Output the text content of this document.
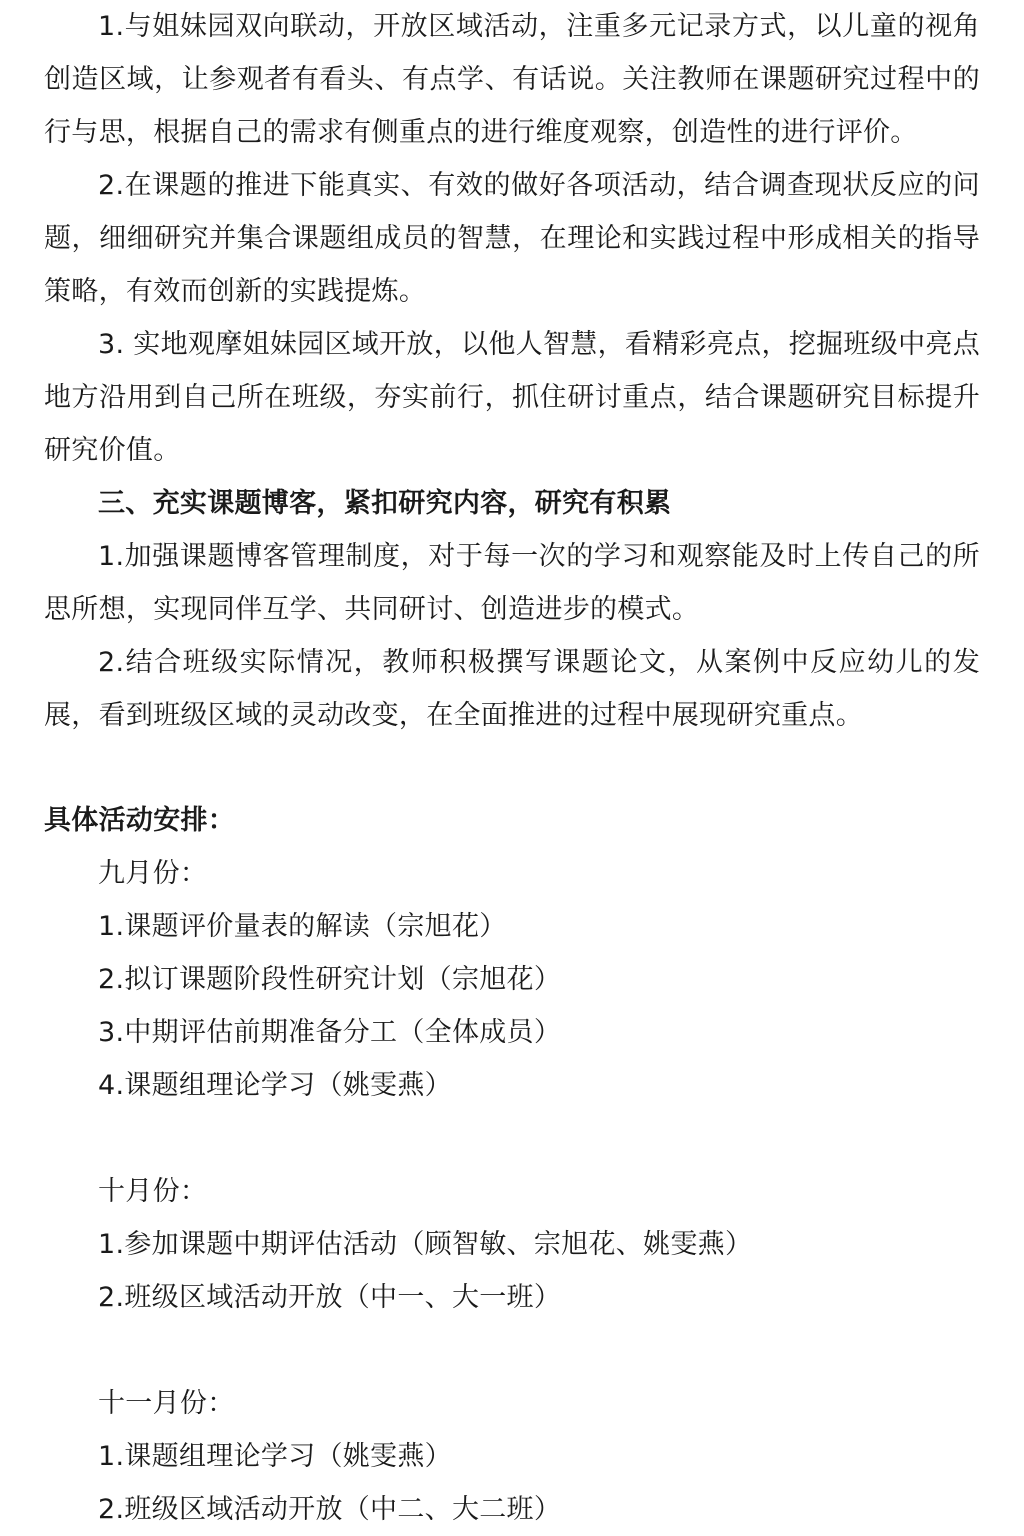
1.与姐妹园双向联动，开放区域活动，注重多元记录方式，以儿童的视角创造区域，让参观者有看头、有点学、有话说。关注教师在课题研究过程中的行与思，根据自己的需求有侧重点的进行维度观察，创造性的进行评价。

2.在课题的推进下能真实、有效的做好各项活动，结合调查现状反应的问题，细细研究并集合课题组成员的智慧，在理论和实践过程中形成相关的指导策略，有效而创新的实践提炼。

3. 实地观摩姐妹园区域开放，以他人智慧，看精彩亮点，挖掘班级中亮点地方沿用到自己所在班级，夯实前行，抓住研讨重点，结合课题研究目标提升研究价值。

三、充实课题博客，紧扣研究内容，研究有积累

1.加强课题博客管理制度，对于每一次的学习和观察能及时上传自己的所思所想，实现同伴互学、共同研讨、创造进步的模式。

2.结合班级实际情况，教师积极撰写课题论文，从案例中反应幼儿的发展，看到班级区域的灵动改变，在全面推进的过程中展现研究重点。

具体活动安排：

九月份：

1.课题评价量表的解读（宗旭花）

2.拟订课题阶段性研究计划（宗旭花）

3.中期评估前期准备分工（全体成员）

4.课题组理论学习（姚雯燕）

十月份：

1.参加课题中期评估活动（顾智敏、宗旭花、姚雯燕）

2.班级区域活动开放（中一、大一班）

十一月份：

1.课题组理论学习（姚雯燕）

2.班级区域活动开放（中二、大二班）
